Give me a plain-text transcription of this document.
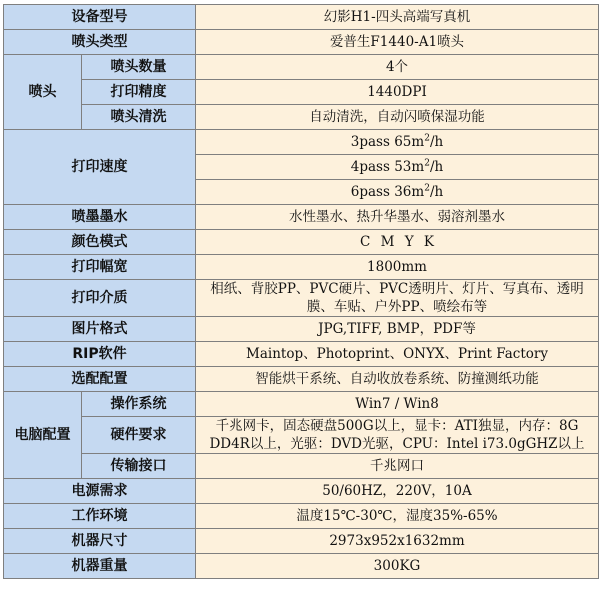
设备型号		幻影H1-四头高端写真机
喷头类型		爱普生F1440-A1喷头
喷头	喷头数量	4个
	打印精度	1440DPI
	喷头清洗	自动清洗，自动闪喷保湿功能
打印速度		3pass $65m^2/h$
		4pass $53m^2/h$
		6pass $36m^2/h$
喷墨墨水		水性墨水、热升华墨水、弱溶剂墨水
颜色模式		C M Y K
打印幅宽		1800mm
打印介质		相纸、背胶PP、PVC硬片、PVC透明片、灯片、写真布、透明膜、车贴、户外PP、喷绘布等
图片格式		JPG,TIFF, BMP，PDF等
RIP软件		Maintop、Photoprint、ONYX、Print Factory
选配配置		智能烘干系统、自动收放卷系统、防撞测纸功能
电脑配置	操作系统	Win7 / Win8
	硬件要求	千兆网卡，固态硬盘500G以上，显卡：ATI独显，内存：8G DD4R以上，光驱：DVD光驱，CPU：Intel i73.0gGHZ以上
	传输接口	千兆网口
电源需求		50/60HZ，220V，10A
工作环境		温度15℃-30℃，湿度35%-65%
机器尺寸		2973x952x1632mm
机器重量		300KG
